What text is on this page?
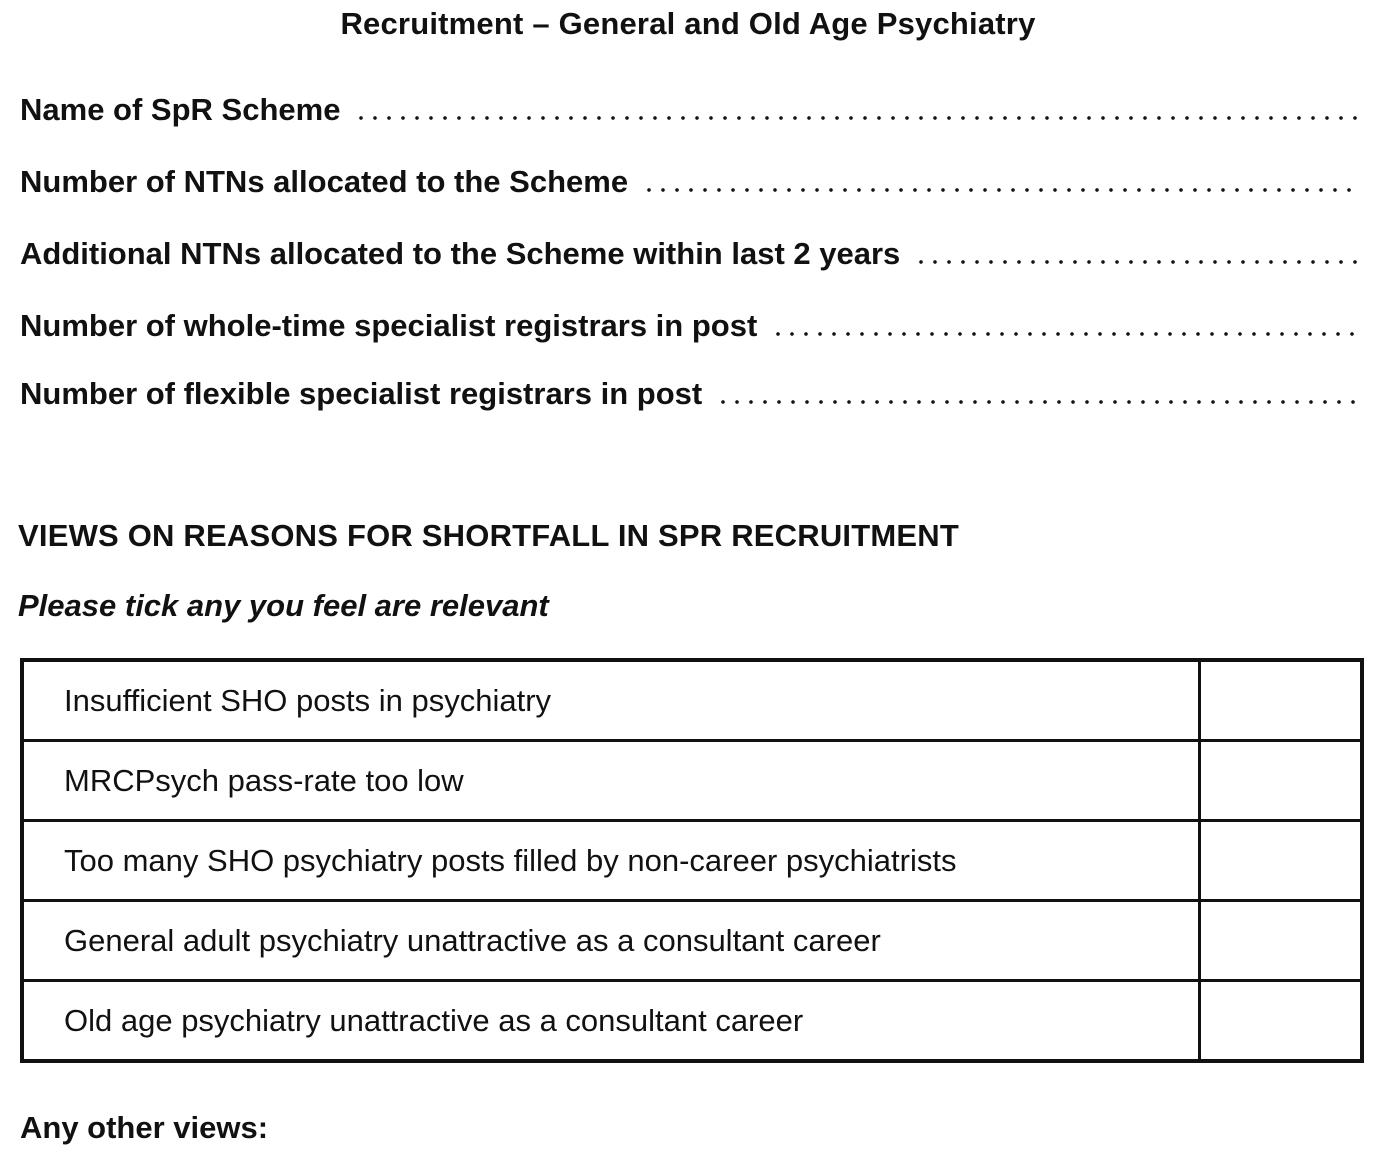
Recruitment – General and Old Age Psychiatry
Name of SpR Scheme
Number of NTNs allocated to the Scheme
Additional NTNs allocated to the Scheme within last 2 years
Number of whole-time specialist registrars in post
Number of flexible specialist registrars in post
VIEWS ON REASONS FOR SHORTFALL IN SPR RECRUITMENT
Please tick any you feel are relevant
Insufficient SHO posts in psychiatry	
MRCPsych pass-rate too low	
Too many SHO psychiatry posts filled by non-career psychiatrists	
General adult psychiatry unattractive as a consultant career	
Old age psychiatry unattractive as a consultant career	
Any other views:
